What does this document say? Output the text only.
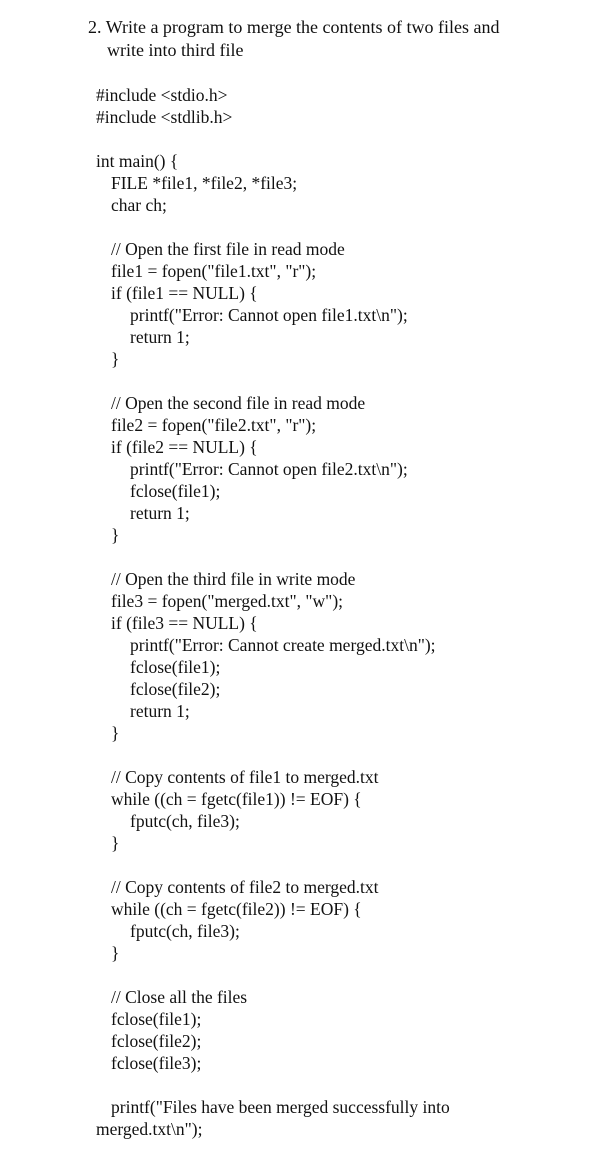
2. Write a program to merge the contents of two files and
write into third file
#include <stdio.h>
#include <stdlib.h>
int main() {
FILE *file1, *file2, *file3;
char ch;
// Open the first file in read mode
file1 = fopen("file1.txt", "r");
if (file1 == NULL) {
printf("Error: Cannot open file1.txt\n");
return 1;
}
// Open the second file in read mode
file2 = fopen("file2.txt", "r");
if (file2 == NULL) {
printf("Error: Cannot open file2.txt\n");
fclose(file1);
return 1;
}
// Open the third file in write mode
file3 = fopen("merged.txt", "w");
if (file3 == NULL) {
printf("Error: Cannot create merged.txt\n");
fclose(file1);
fclose(file2);
return 1;
}
// Copy contents of file1 to merged.txt
while ((ch = fgetc(file1)) != EOF) {
fputc(ch, file3);
}
// Copy contents of file2 to merged.txt
while ((ch = fgetc(file2)) != EOF) {
fputc(ch, file3);
}
// Close all the files
fclose(file1);
fclose(file2);
fclose(file3);
printf("Files have been merged successfully into
merged.txt\n");
